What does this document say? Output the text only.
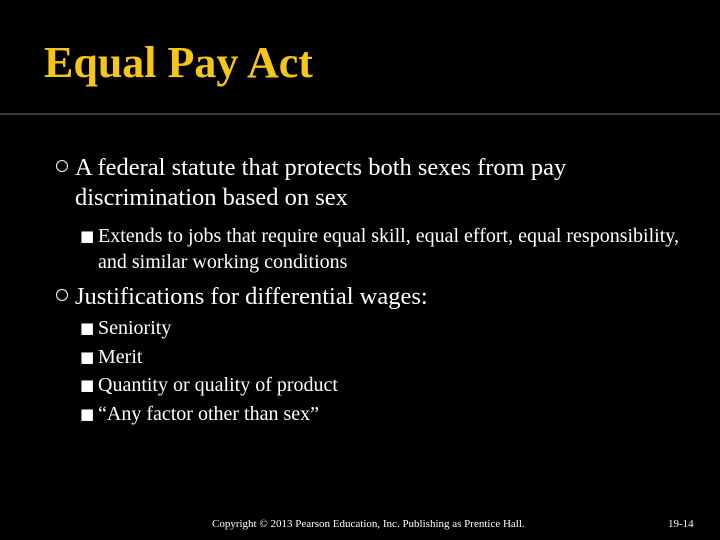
Equal Pay Act
A federal statute that protects both sexes from pay discrimination based on sex
■ Extends to jobs that require equal skill, equal effort, equal responsibility, and similar working conditions
Justifications for differential wages:
■ Seniority
■ Merit
■ Quantity or quality of product
■ “Any factor other than sex”
Copyright © 2013 Pearson Education, Inc. Publishing as Prentice Hall.	19-14
